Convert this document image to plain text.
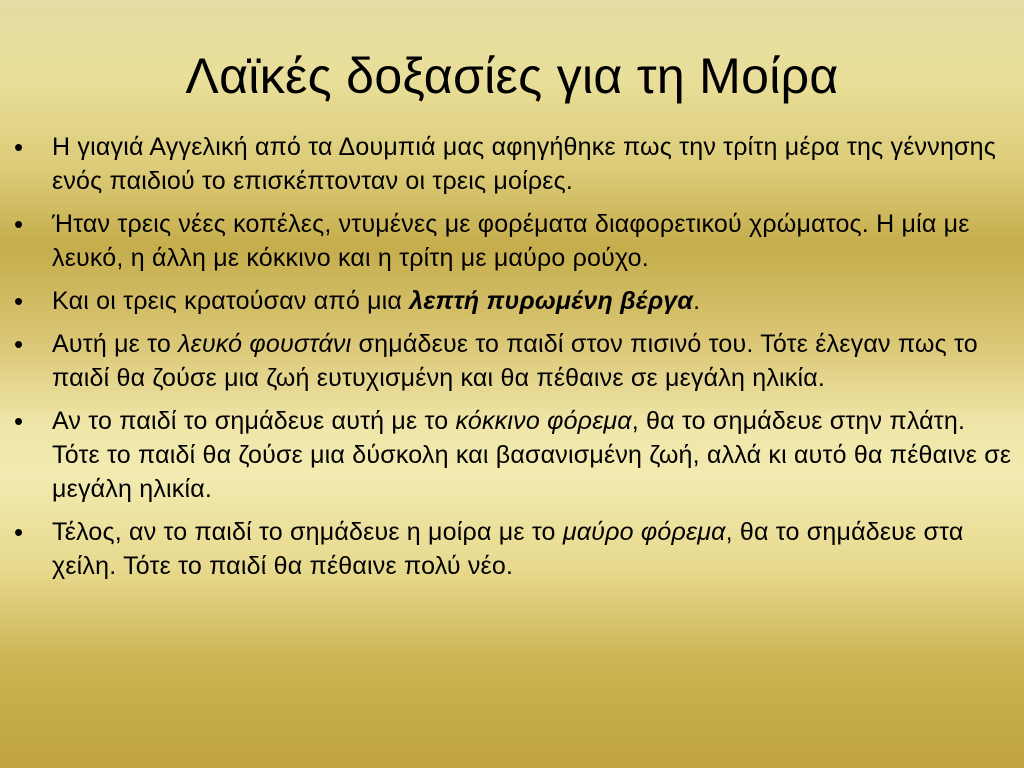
Λαϊκές δοξασίες για τη Μοίρα
•	Η γιαγιά Αγγελική από τα Δουμπιά μας αφηγήθηκε πως την τρίτη μέρα της γέννησης ενός παιδιού το επισκέπτονταν οι τρεις μοίρες.
•	Ήταν τρεις νέες κοπέλες, ντυμένες με φορέματα διαφορετικού χρώματος. Η μία με λευκό, η άλλη με κόκκινο και η τρίτη με μαύρο ρούχο.
•	Και οι τρεις κρατούσαν από μια λεπτή πυρωμένη βέργα.
•	Αυτή με το λευκό φουστάνι σημάδευε το παιδί στον πισινό του. Τότε έλεγαν πως το παιδί θα ζούσε μια ζωή ευτυχισμένη και θα πέθαινε σε μεγάλη ηλικία.
•	Αν το παιδί το σημάδευε αυτή με το κόκκινο φόρεμα, θα το σημάδευε στην πλάτη. Τότε το παιδί θα ζούσε μια δύσκολη και βασανισμένη ζωή, αλλά κι αυτό θα πέθαινε σε μεγάλη ηλικία.
•	Τέλος, αν το παιδί το σημάδευε η μοίρα με το μαύρο φόρεμα, θα το σημάδευε στα χείλη. Τότε το παιδί θα πέθαινε πολύ νέο.
